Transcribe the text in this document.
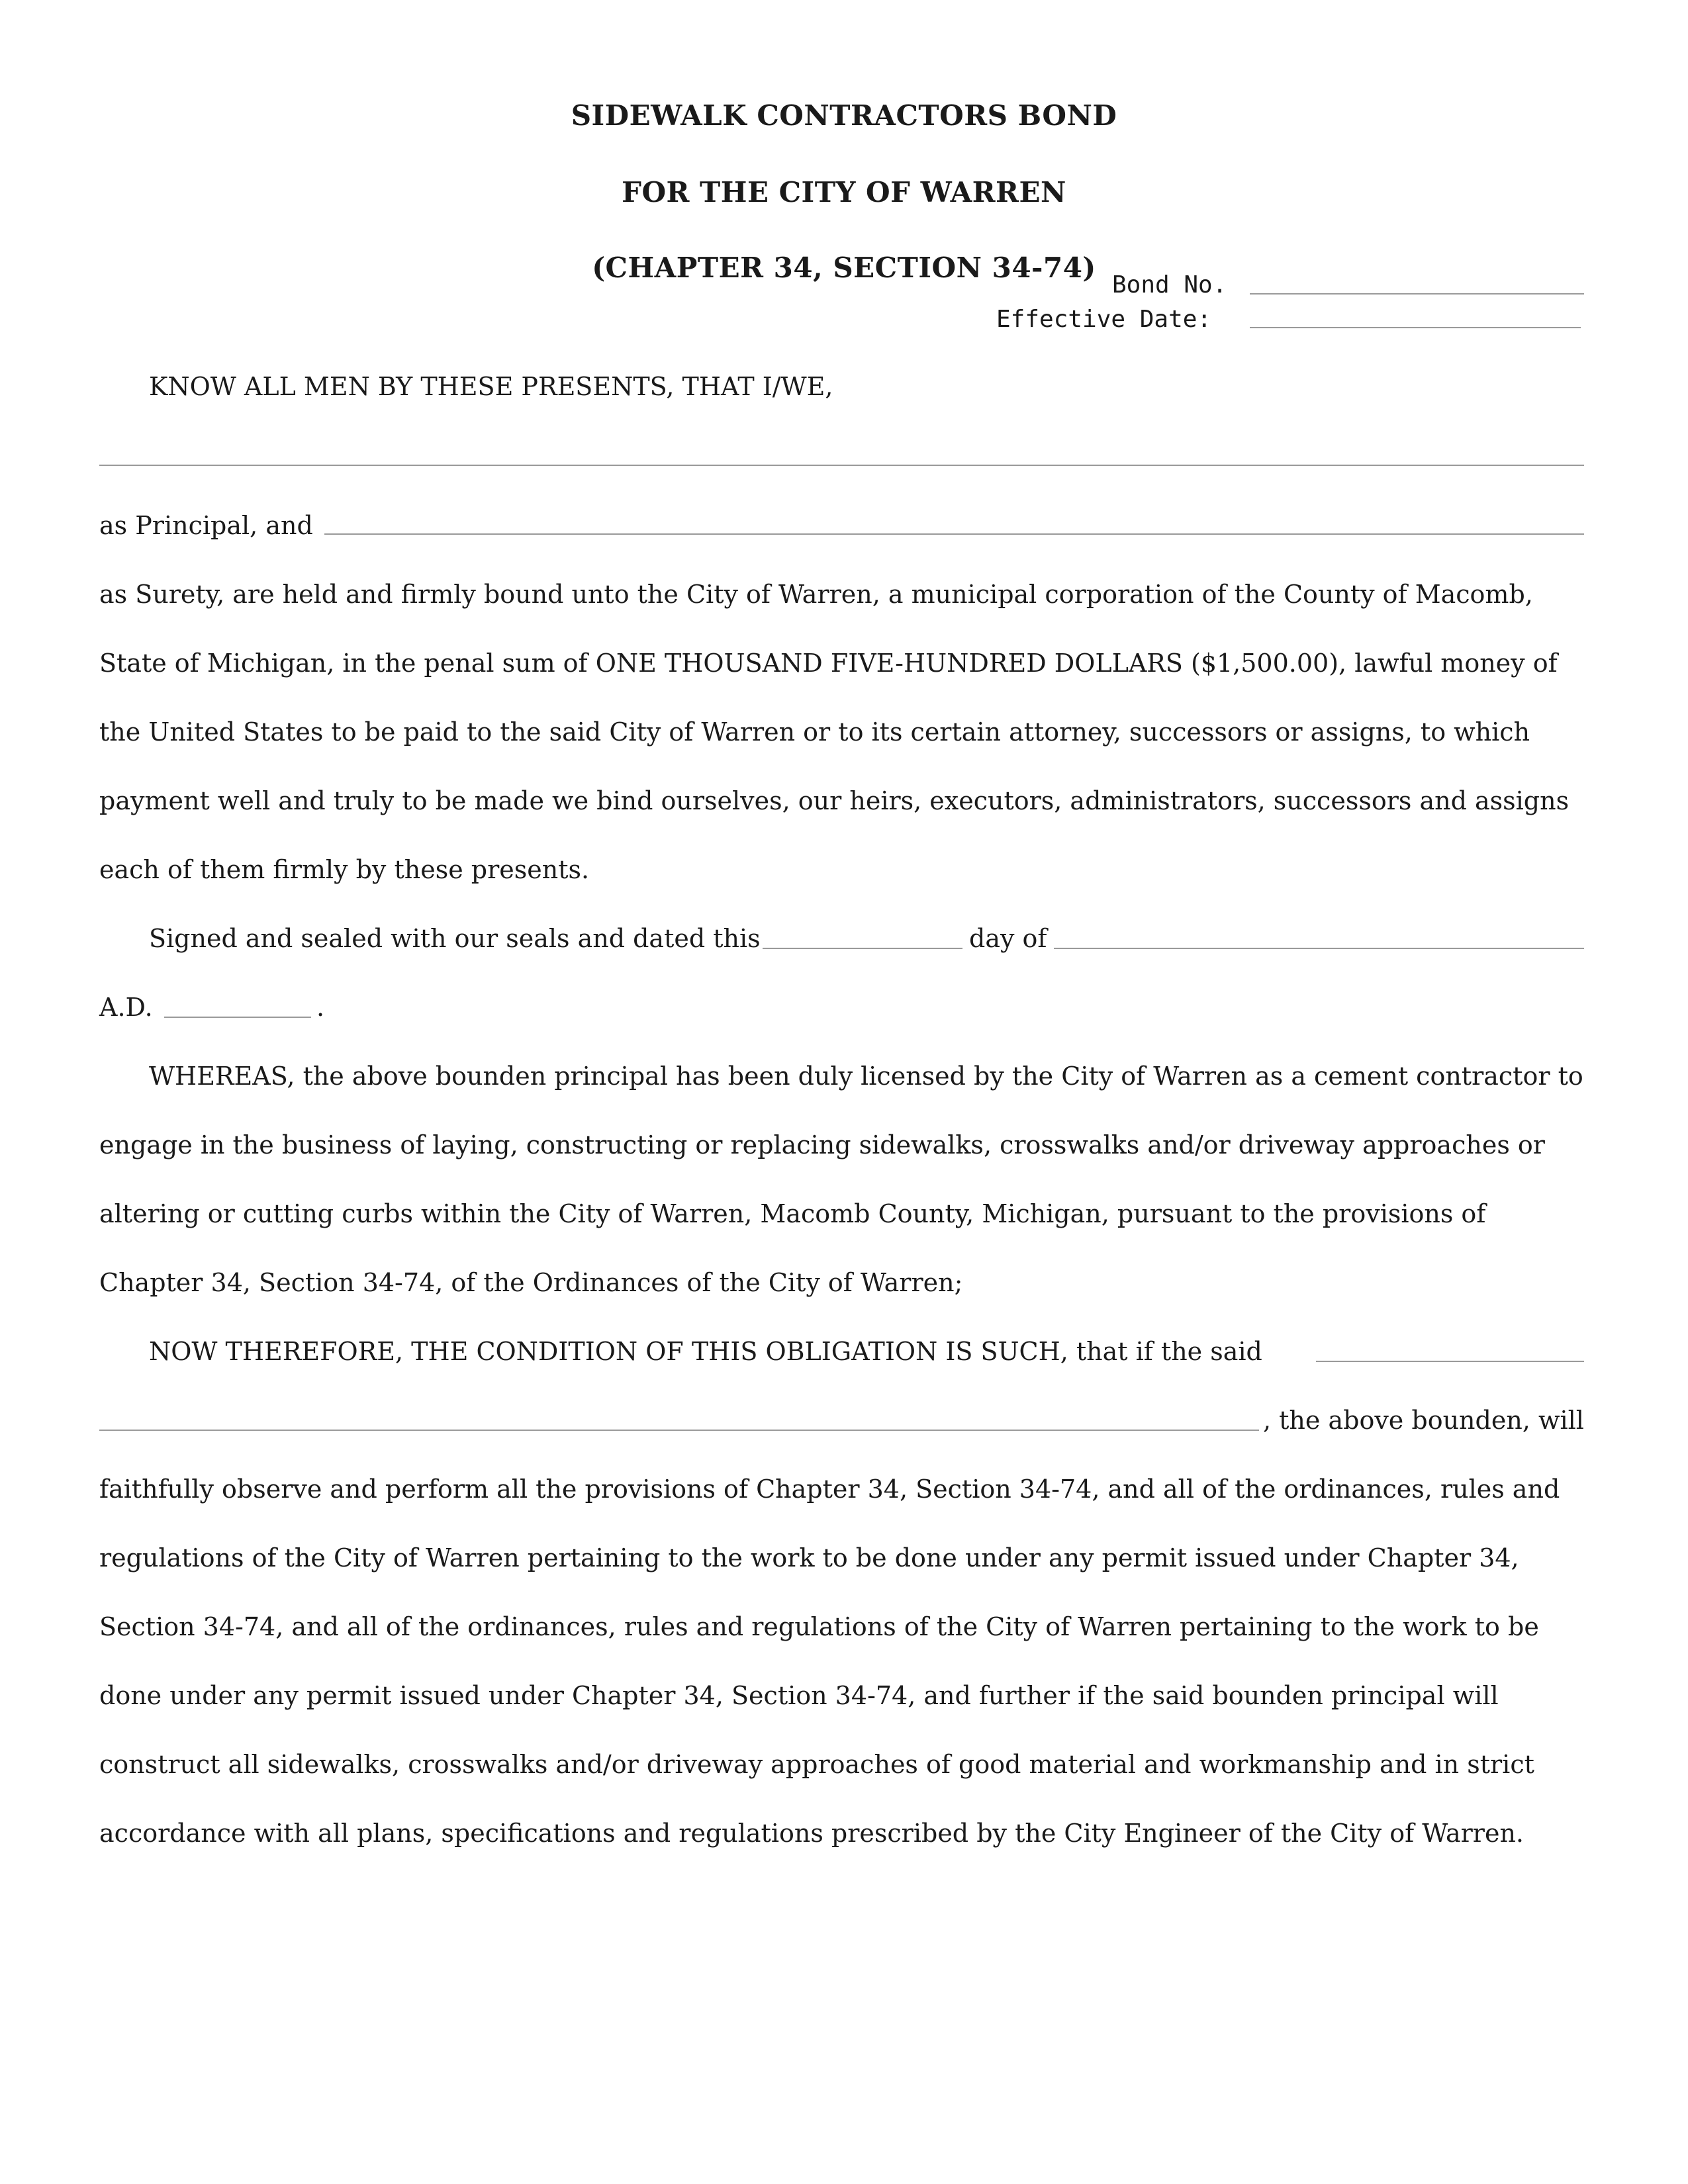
SIDEWALK CONTRACTORS BOND
FOR THE CITY OF WARREN
(CHAPTER 34, SECTION 34-74)
Bond No.
Effective Date:
KNOW ALL MEN BY THESE PRESENTS, THAT I/WE,
as Principal, and
as Surety, are held and firmly bound unto the City of Warren, a municipal corporation of the County of Macomb,
State of Michigan, in the penal sum of ONE THOUSAND FIVE-HUNDRED DOLLARS ($1,500.00), lawful money of
the United States to be paid to the said City of Warren or to its certain attorney, successors or assigns, to which
payment well and truly to be made we bind ourselves, our heirs, executors, administrators, successors and assigns
each of them firmly by these presents.
Signed and sealed with our seals and dated this	day of
A.D.	.
WHEREAS, the above bounden principal has been duly licensed by the City of Warren as a cement contractor to
engage in the business of laying, constructing or replacing sidewalks, crosswalks and/or driveway approaches or
altering or cutting curbs within the City of Warren, Macomb County, Michigan, pursuant to the provisions of
Chapter 34, Section 34-74, of the Ordinances of the City of Warren;
NOW THEREFORE, THE CONDITION OF THIS OBLIGATION IS SUCH, that if the said
, the above bounden, will
faithfully observe and perform all the provisions of Chapter 34, Section 34-74, and all of the ordinances, rules and
regulations of the City of Warren pertaining to the work to be done under any permit issued under Chapter 34,
Section 34-74, and all of the ordinances, rules and regulations of the City of Warren pertaining to the work to be
done under any permit issued under Chapter 34, Section 34-74, and further if the said bounden principal will
construct all sidewalks, crosswalks and/or driveway approaches of good material and workmanship and in strict
accordance with all plans, specifications and regulations prescribed by the City Engineer of the City of Warren.
